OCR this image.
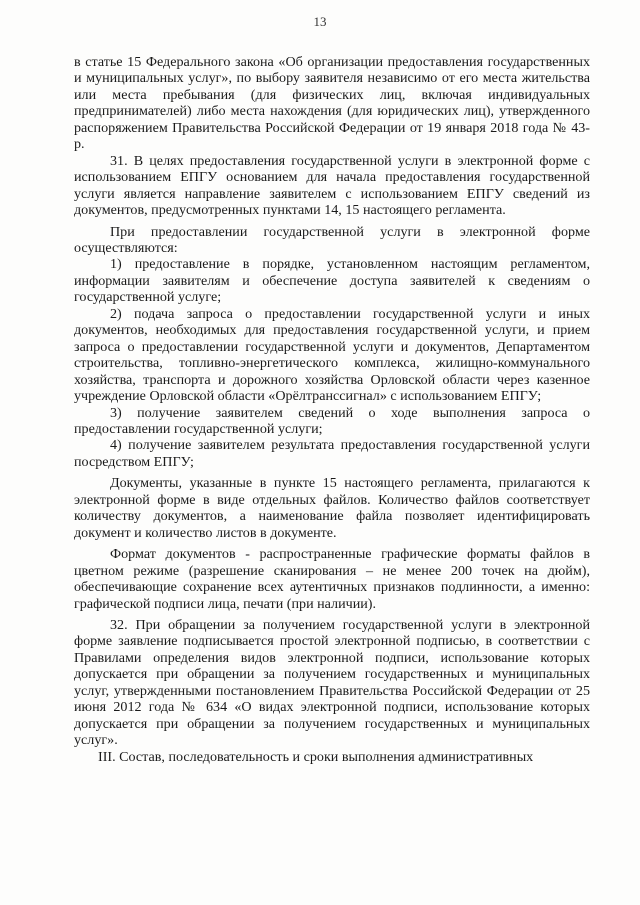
13

в статье 15 Федерального закона «Об организации предоставления государственных и муниципальных услуг», по выбору заявителя независимо от его места жительства или места пребывания (для физических лиц, включая индивидуальных предпринимателей) либо места нахождения (для юридических лиц), утвержденного распоряжением Правительства Российской Федерации от 19 января 2018 года № 43-р.

31. В целях предоставления государственной услуги в электронной форме с использованием ЕПГУ основанием для начала предоставления государственной услуги является направление заявителем с использованием ЕПГУ сведений из документов, предусмотренных пунктами 14, 15 настоящего регламента.

При предоставлении государственной услуги в электронной форме осуществляются:

1) предоставление в порядке, установленном настоящим регламентом, информации заявителям и обеспечение доступа заявителей к сведениям о государственной услуге;

2) подача запроса о предоставлении государственной услуги и иных документов, необходимых для предоставления государственной услуги, и прием запроса о предоставлении государственной услуги и документов, Департаментом строительства, топливно-энергетического комплекса, жилищно-коммунального хозяйства, транспорта и дорожного хозяйства Орловской области через казенное учреждение Орловской области «Орёлтранссигнал» с использованием ЕПГУ;

3) получение заявителем сведений о ходе выполнения запроса о предоставлении государственной услуги;

4) получение заявителем результата предоставления государственной услуги посредством ЕПГУ;

Документы, указанные в пункте 15 настоящего регламента, прилагаются к электронной форме в виде отдельных файлов. Количество файлов соответствует количеству документов, а наименование файла позволяет идентифицировать документ и количество листов в документе.

Формат документов - распространенные графические форматы файлов в цветном режиме (разрешение сканирования – не менее 200 точек на дюйм), обеспечивающие сохранение всех аутентичных признаков подлинности, а именно: графической подписи лица, печати (при наличии).

32. При обращении за получением государственной услуги в электронной форме заявление подписывается простой электронной подписью, в соответствии с Правилами определения видов электронной подписи, использование которых допускается при обращении за получением государственных и муниципальных услуг, утвержденными постановлением Правительства Российской Федерации от 25 июня 2012 года № 634 «О видах электронной подписи, использование которых допускается при обращении за получением государственных и муниципальных услуг».

III. Состав, последовательность и сроки выполнения административных
